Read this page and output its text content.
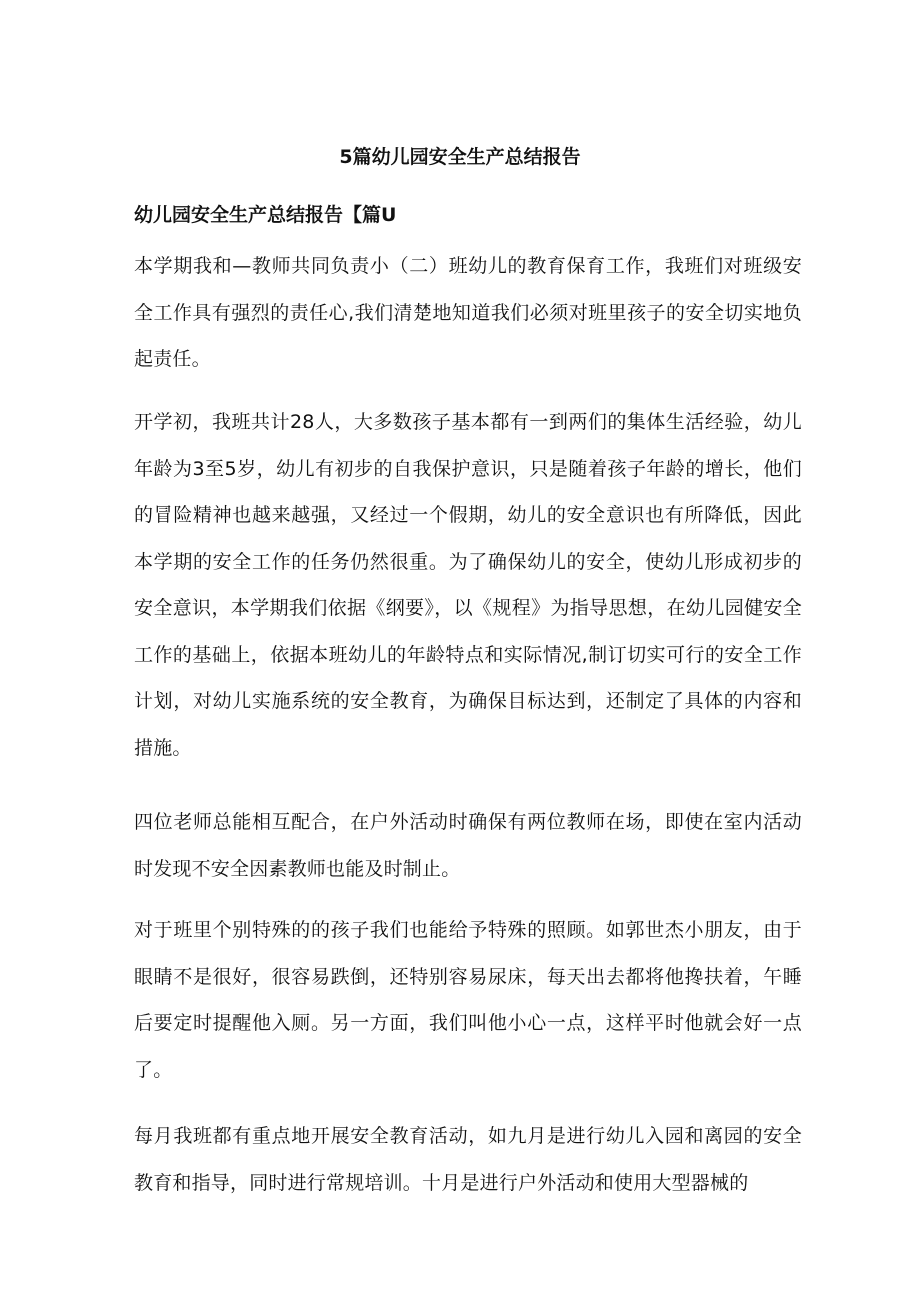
5篇幼儿园安全生产总结报告
幼儿园安全生产总结报告【篇U

本学期我和—教师共同负责小（二）班幼儿的教育保育工作，我班们对班级安全工作具有强烈的责任心,我们清楚地知道我们必须对班里孩子的安全切实地负起责任。

开学初，我班共计28人，大多数孩子基本都有一到两们的集体生活经验，幼儿年龄为3至5岁，幼儿有初步的自我保护意识，只是随着孩子年龄的增长，他们的冒险精神也越来越强，又经过一个假期，幼儿的安全意识也有所降低，因此本学期的安全工作的任务仍然很重。为了确保幼儿的安全，使幼儿形成初步的安全意识，本学期我们依据《纲要》，以《规程》为指导思想，在幼儿园健安全工作的基础上，依据本班幼儿的年龄特点和实际情况,制订切实可行的安全工作计划，对幼儿实施系统的安全教育，为确保目标达到，还制定了具体的内容和措施。

四位老师总能相互配合，在户外活动时确保有两位教师在场，即使在室内活动时发现不安全因素教师也能及时制止。

对于班里个别特殊的的孩子我们也能给予特殊的照顾。如郭世杰小朋友，由于眼睛不是很好，很容易跌倒，还特别容易尿床，每天出去都将他搀扶着，午睡后要定时提醒他入厕。另一方面，我们叫他小心一点，这样平时他就会好一点了。

每月我班都有重点地开展安全教育活动，如九月是进行幼儿入园和离园的安全教育和指导，同时进行常规培训。十月是进行户外活动和使用大型器械的
